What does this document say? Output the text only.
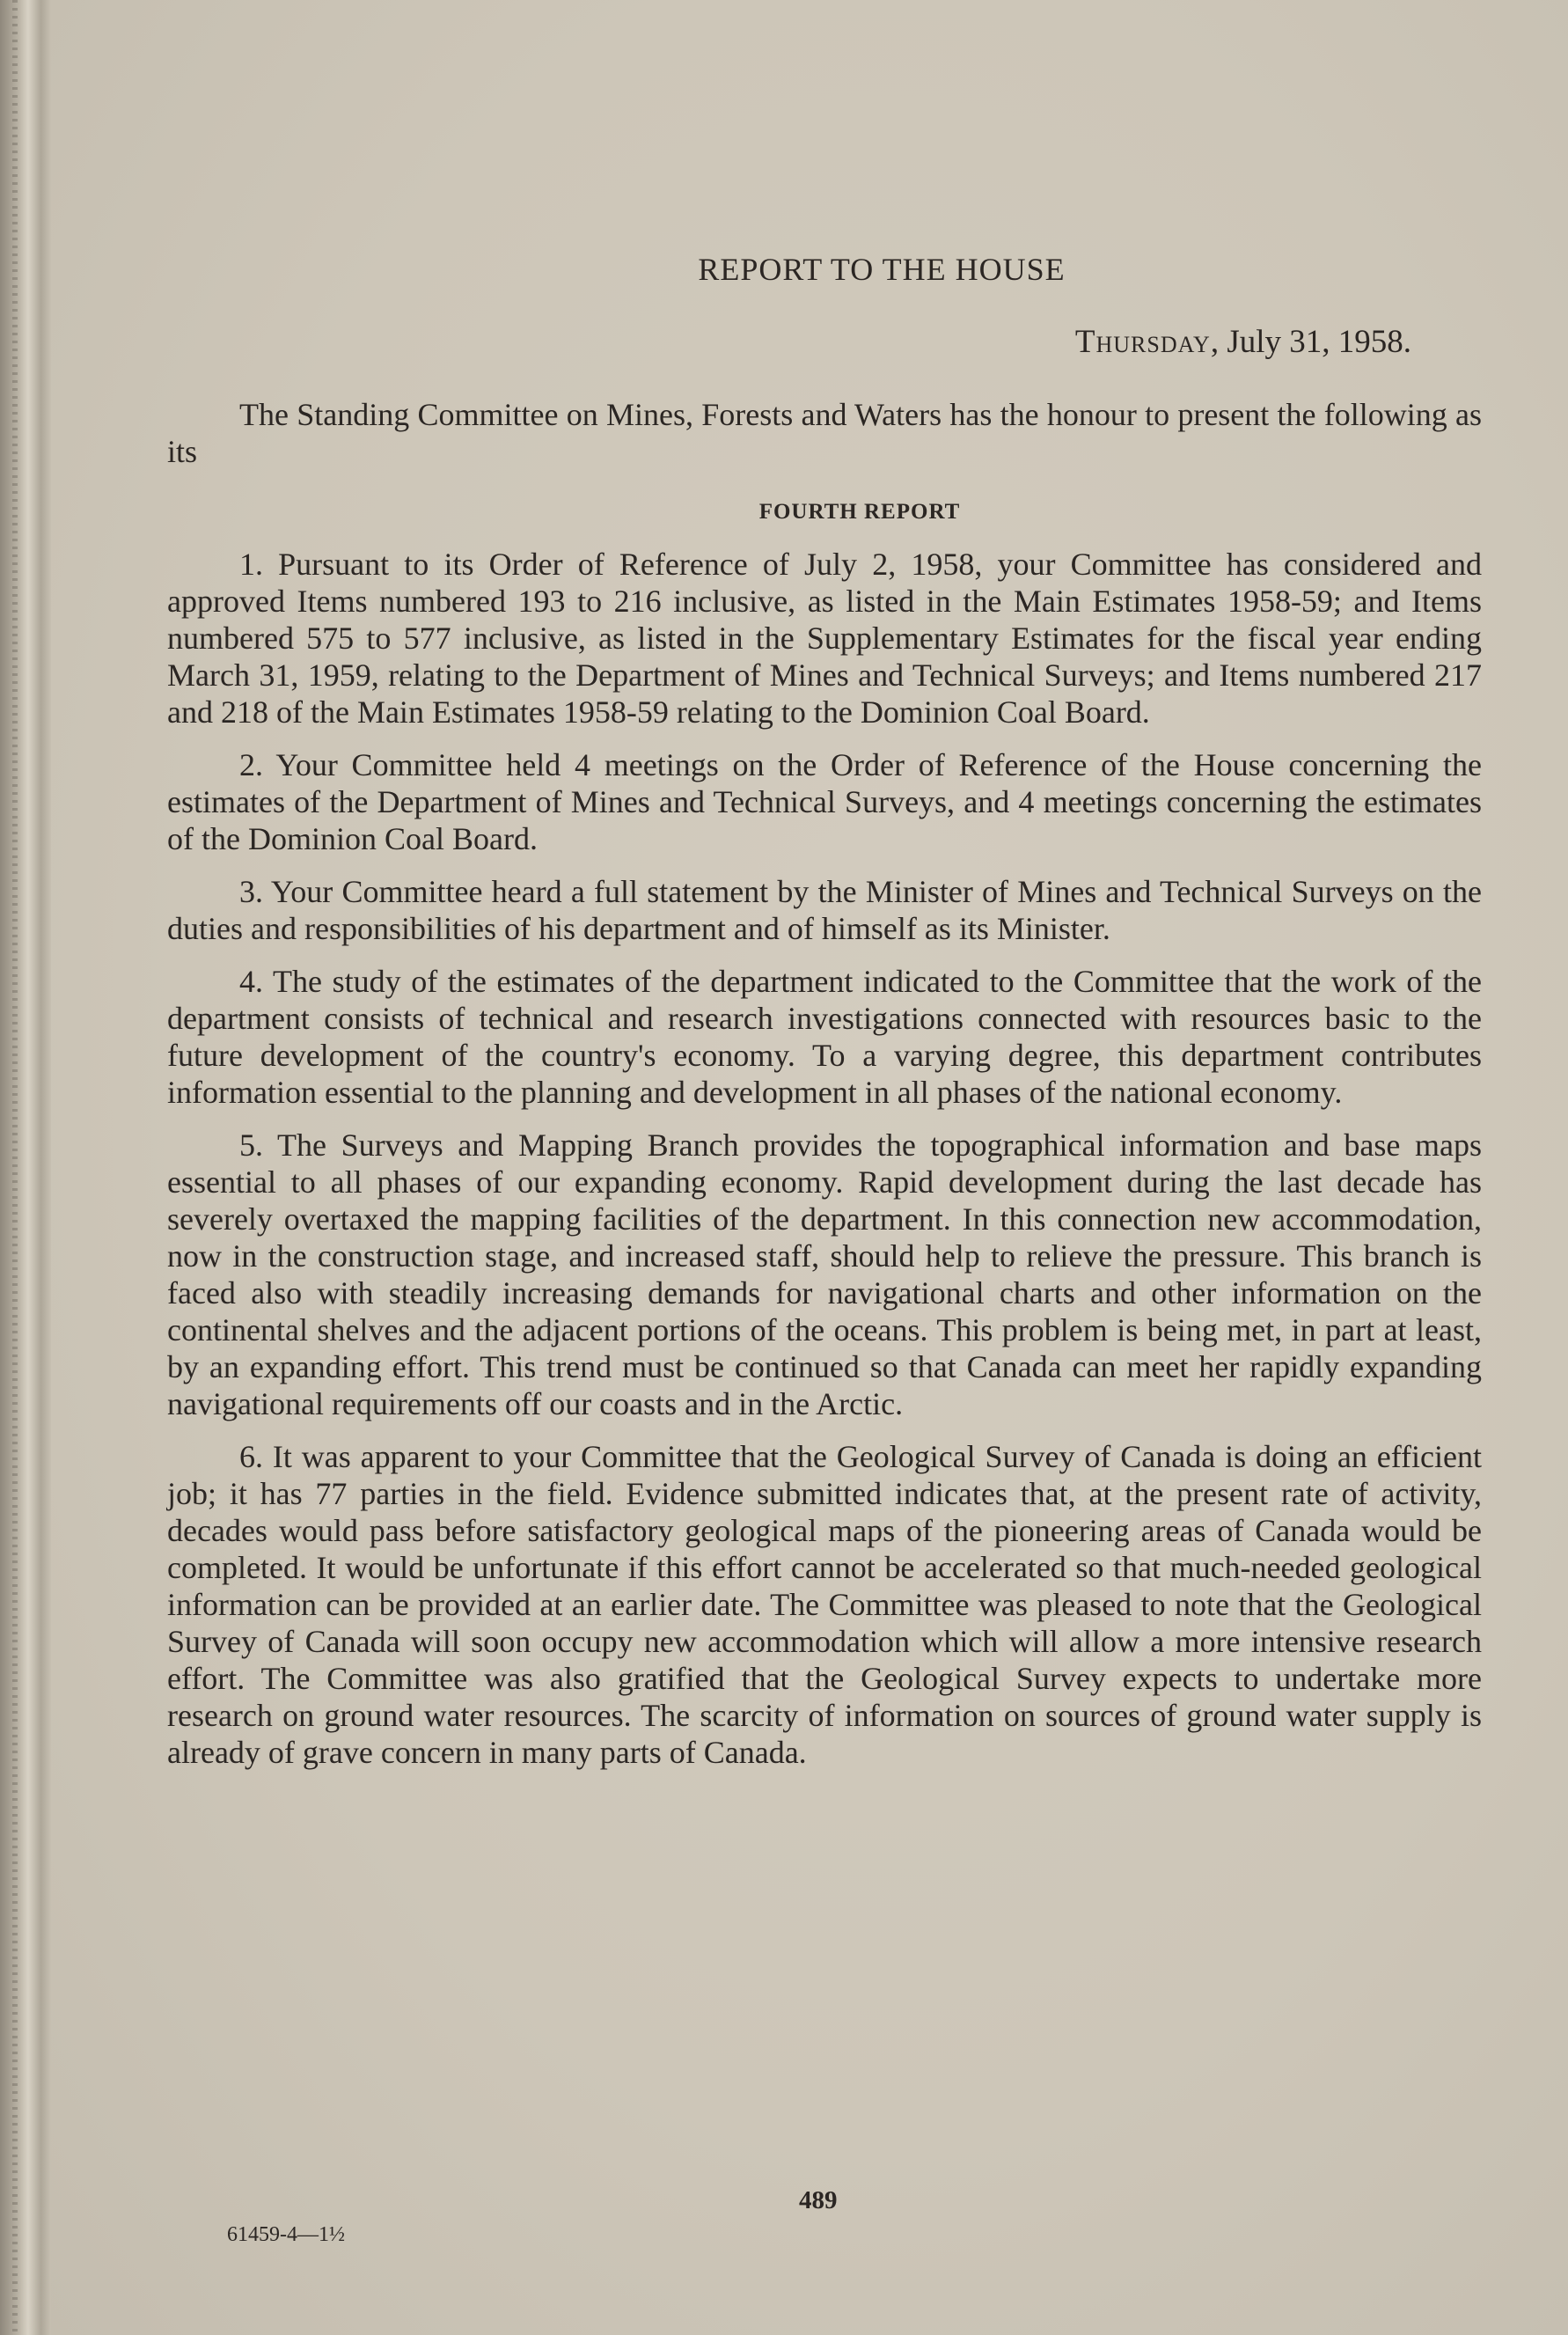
REPORT TO THE HOUSE
Thursday, July 31, 1958.

The Standing Committee on Mines, Forests and Waters has the honour to present the following as its

FOURTH REPORT

1. Pursuant to its Order of Reference of July 2, 1958, your Committee has considered and approved Items numbered 193 to 216 inclusive, as listed in the Main Estimates 1958-59; and Items numbered 575 to 577 inclusive, as listed in the Supplementary Estimates for the fiscal year ending March 31, 1959, relating to the Department of Mines and Technical Surveys; and Items numbered 217 and 218 of the Main Estimates 1958-59 relating to the Dominion Coal Board.

2. Your Committee held 4 meetings on the Order of Reference of the House concerning the estimates of the Department of Mines and Technical Surveys, and 4 meetings concerning the estimates of the Dominion Coal Board.

3. Your Committee heard a full statement by the Minister of Mines and Technical Surveys on the duties and responsibilities of his department and of himself as its Minister.

4. The study of the estimates of the department indicated to the Committee that the work of the department consists of technical and research investigations connected with resources basic to the future development of the country's economy. To a varying degree, this department contributes information essential to the planning and development in all phases of the national economy.

5. The Surveys and Mapping Branch provides the topographical information and base maps essential to all phases of our expanding economy. Rapid development during the last decade has severely overtaxed the mapping facilities of the department. In this connection new accommodation, now in the construction stage, and increased staff, should help to relieve the pressure. This branch is faced also with steadily increasing demands for navigational charts and other information on the continental shelves and the adjacent portions of the oceans. This problem is being met, in part at least, by an expanding effort. This trend must be continued so that Canada can meet her rapidly expanding navigational requirements off our coasts and in the Arctic.

6. It was apparent to your Committee that the Geological Survey of Canada is doing an efficient job; it has 77 parties in the field. Evidence submitted indicates that, at the present rate of activity, decades would pass before satisfactory geological maps of the pioneering areas of Canada would be completed. It would be unfortunate if this effort cannot be accelerated so that much-needed geological information can be provided at an earlier date. The Committee was pleased to note that the Geological Survey of Canada will soon occupy new accommodation which will allow a more intensive research effort. The Committee was also gratified that the Geological Survey expects to undertake more research on ground water resources. The scarcity of information on sources of ground water supply is already of grave concern in many parts of Canada.

489
61459-4—1½
